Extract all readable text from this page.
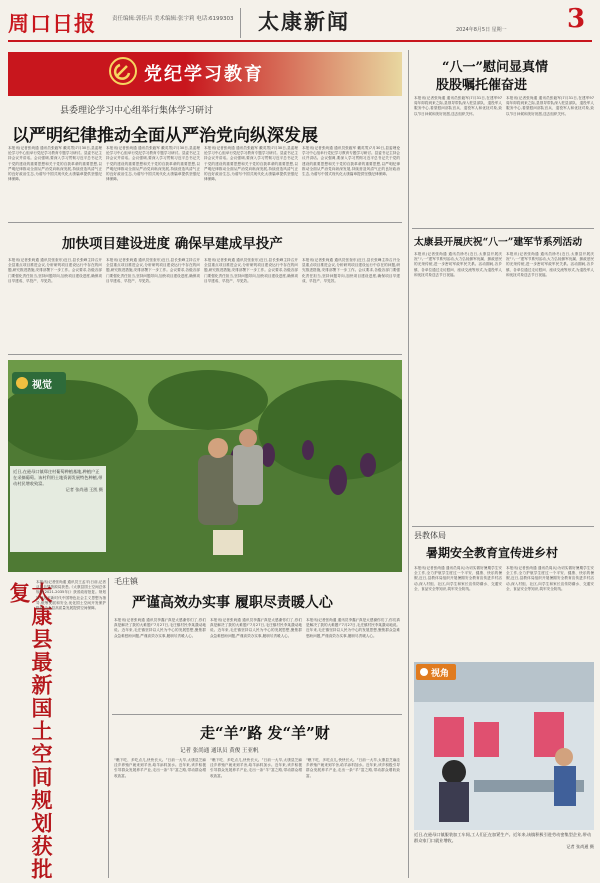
周口日报	责任编辑:郭佳昌 美术编辑:张宇莉 电话:6199303 太康新闻	2024年8月5日 星期一 3
党纪学习教育
县委理论学习中心组举行集体学习研讨
以严明纪律推动全面从严治党向纵深发展
本报讯(记者张尚通 通讯员张毅军 戴英男)7月30日,县委理论学习中心组举行党纪学习教育专题学习研讨。县委书记主持会议并讲话。会议强调,要深入学习贯彻习近平总书记关于党的建设的重要思想和关于党的自我革命的重要思想,以严明纪律推动全面从严治党向纵深发展,持续营造风清气正的良好政治生态,为谱写中国式现代化太康篇章提供坚强纪律保障。
本报讯(记者张尚通 通讯员张毅军 戴英男)7月30日,县委理论学习中心组举行党纪学习教育专题学习研讨。县委书记主持会议并讲话。会议强调,要深入学习贯彻习近平总书记关于党的建设的重要思想和关于党的自我革命的重要思想,以严明纪律推动全面从严治党向纵深发展,持续营造风清气正的良好政治生态,为谱写中国式现代化太康篇章提供坚强纪律保障。
本报讯(记者张尚通 通讯员张毅军 戴英男)7月30日,县委理论学习中心组举行党纪学习教育专题学习研讨。县委书记主持会议并讲话。会议强调,要深入学习贯彻习近平总书记关于党的建设的重要思想和关于党的自我革命的重要思想,以严明纪律推动全面从严治党向纵深发展,持续营造风清气正的良好政治生态,为谱写中国式现代化太康篇章提供坚强纪律保障。
本报讯(记者张尚通 通讯员张毅军 戴英男)7月30日,县委理论学习中心组举行党纪学习教育专题学习研讨。县委书记主持会议并讲话。会议强调,要深入学习贯彻习近平总书记关于党的建设的重要思想和关于党的自我革命的重要思想,以严明纪律推动全面从严治党向纵深发展,持续营造风清气正的良好政治生态,为谱写中国式现代化太康篇章提供坚强纪律保障。
加快项目建设进度 确保早建成早投产
本报讯(记者张尚通 通讯员张奎东)近日,县长张峰主持召开全县重点项目推进会议,分析研判项目建设运行中存在的问题,研究推进措施,安排部署下一步工作。会议要求,各级各部门要强化责任担当,坚持问题导向,加快项目建设进度,确保项目早建成、早投产、早见效。
本报讯(记者张尚通 通讯员张奎东)近日,县长张峰主持召开全县重点项目推进会议,分析研判项目建设运行中存在的问题,研究推进措施,安排部署下一步工作。会议要求,各级各部门要强化责任担当,坚持问题导向,加快项目建设进度,确保项目早建成、早投产、早见效。
本报讯(记者张尚通 通讯员张奎东)近日,县长张峰主持召开全县重点项目推进会议,分析研判项目建设运行中存在的问题,研究推进措施,安排部署下一步工作。会议要求,各级各部门要强化责任担当,坚持问题导向,加快项目建设进度,确保项目早建成、早投产、早见效。
本报讯(记者张尚通 通讯员张奎东)近日,县长张峰主持召开全县重点项目推进会议,分析研判项目建设运行中存在的问题,研究推进措施,安排部署下一步工作。会议要求,各级各部门要强化责任担当,坚持问题导向,加快项目建设进度,确保项目早建成、早投产、早见效。
视觉
近日,在逊母口镇郑庄村葡萄种植基地,种植户正在采摘葡萄。该村利用土地资源发展特色种植,带动村民增收致富。
记者 张尚通 王凯 摄
太康县最新国土空间规划获批复	本报讯(记者张尚通 通讯员王孟平)日前,记者从县自然资源局获悉,《太康县国土空间总体规划(2021-2035年)》获省政府批复。规划以习近平新时代中国特色社会主义思想为指导,统筹发展和安全,优化国土空间开发保护格局,为全县高质量发展提供空间保障。
毛庄镇
严谨高效办实事 履职尽责暖人心
本报讯(记者张尚通 通讯员李鑫)“真是太感谢你们了,你们真是解决了我的大难题!”7月27日,毛庄镇村民李某激动地说。近年来,毛庄镇坚持以人民为中心的发展思想,聚焦群众急难愁盼问题,严谨高效办实事,履职尽责暖人心。
本报讯(记者张尚通 通讯员李鑫)“真是太感谢你们了,你们真是解决了我的大难题!”7月27日,毛庄镇村民李某激动地说。近年来,毛庄镇坚持以人民为中心的发展思想,聚焦群众急难愁盼问题,严谨高效办实事,履职尽责暖人心。
本报讯(记者张尚通 通讯员李鑫)“真是太感谢你们了,你们真是解决了我的大难题!”7月27日,毛庄镇村民李某激动地说。近年来,毛庄镇坚持以人民为中心的发展思想,聚焦群众急难愁盼问题,严谨高效办实事,履职尽责暖人心。
走“羊”路 发“羊”财
记者 张尚通 通讯员 黄俊 王亚帆
“瞧下吃、多吃点儿,快快长大。”日前一大早,太康县芝麻洼乡养殖户就来到羊舍,给羊添料加水。近年来,该乡积极引导群众发展养羊产业,走出一条“羊”富之路,带动群众增收致富。
“瞧下吃、多吃点儿,快快长大。”日前一大早,太康县芝麻洼乡养殖户就来到羊舍,给羊添料加水。近年来,该乡积极引导群众发展养羊产业,走出一条“羊”富之路,带动群众增收致富。
“瞧下吃、多吃点儿,快快长大。”日前一大早,太康县芝麻洼乡养殖户就来到羊舍,给羊添料加水。近年来,该乡积极引导群众发展养羊产业,走出一条“羊”富之路,带动群众增收致富。
“八一”慰问显真情
股股嘱托催奋进
本报讯(记者张尚通 通讯员张毅军)7月31日,在建军97周年即将到来之际,县领导带队深入驻县部队、退役军人服务中心,看望慰问部队官兵、退役军人和优抚对象,致以节日问候和美好祝愿,送去组织关怀。
本报讯(记者张尚通 通讯员张毅军)7月31日,在建军97周年即将到来之际,县领导带队深入驻县部队、退役军人服务中心,看望慰问部队官兵、退役军人和优抚对象,致以节日问候和美好祝愿,送去组织关怀。
太康县开展庆祝“八一”建军节系列活动
本报讯(记者张尚通 通讯员徐冬)近日,太康县开展庆祝“八一”建军节系列活动,大力弘扬拥军优属、拥政爱民的光荣传统,进一步密切军政军民关系。活动期间,各乡镇、各单位通过走访慰问、座谈交流等形式,为退役军人和优抚对象送去节日祝福。
本报讯(记者张尚通 通讯员徐冬)近日,太康县开展庆祝“八一”建军节系列活动,大力弘扬拥军优属、拥政爱民的光荣传统,进一步密切军政军民关系。活动期间,各乡镇、各单位通过走访慰问、座谈交流等形式,为退役军人和优抚对象送去节日祝福。
县教体局
暑期安全教育宣传进乡村
本报讯(记者张尚通 通讯员周兵)为切实做好暑期学生安全工作,全力护航学生度过一个平安、健康、快乐的暑假,近日,县教体局组织开展暑期安全教育宣传进乡村活动,深入村组、社区,向学生和家长宣传防溺水、交通安全、食品安全等知识,筑牢安全防线。
本报讯(记者张尚通 通讯员周兵)为切实做好暑期学生安全工作,全力护航学生度过一个平安、健康、快乐的暑假,近日,县教体局组织开展暑期安全教育宣传进乡村活动,深入村组、社区,向学生和家长宣传防溺水、交通安全、食品安全等知识,筑牢安全防线。
视角
近日,在逊母口镇服装加工车间,工人们正在加紧生产。近年来,该镇积极引进劳动密集型企业,带动群众家门口就业增收。
记者 张尚通 摄
